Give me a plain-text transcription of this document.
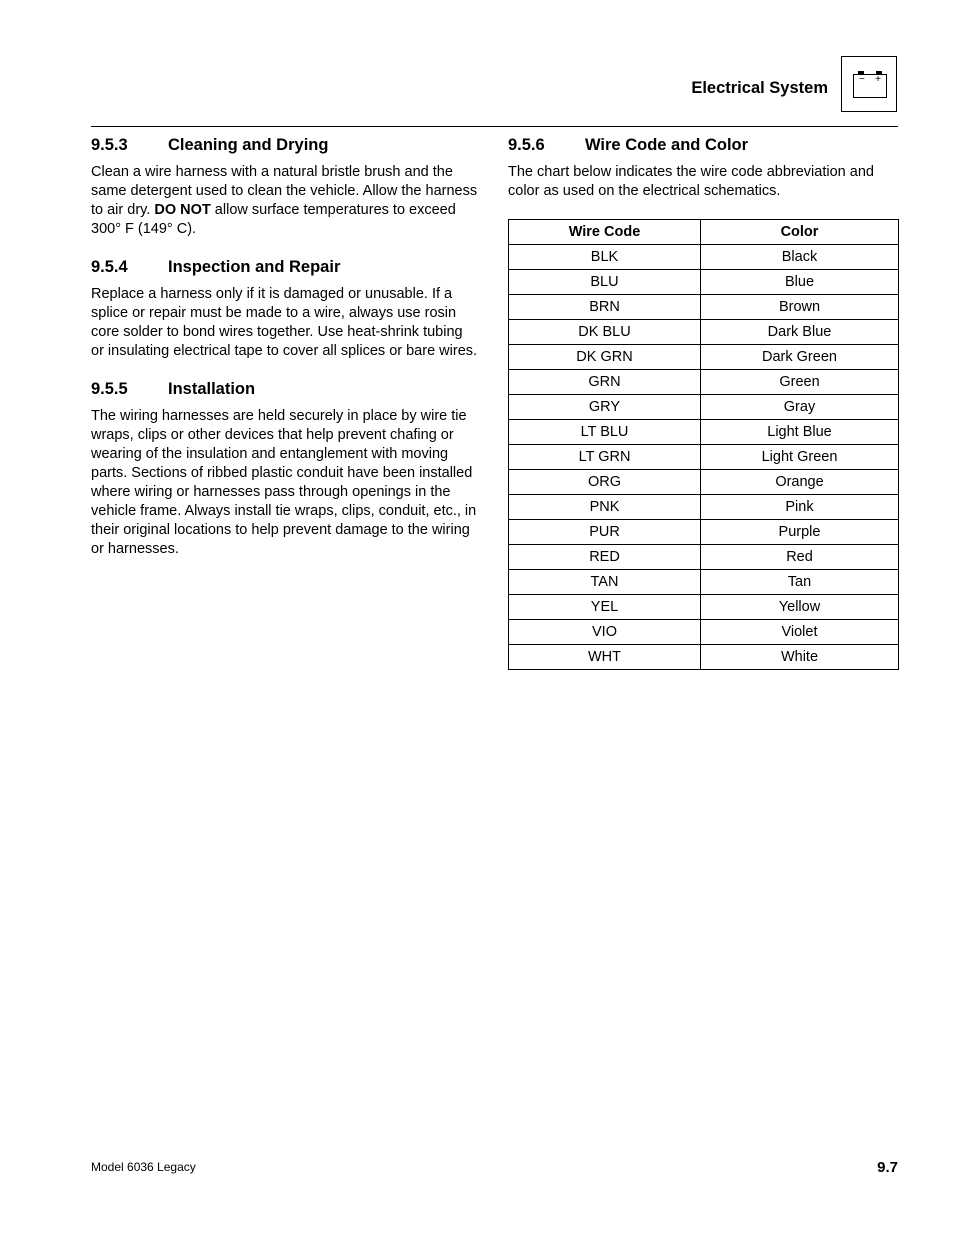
Electrical System	− +
9.5.3	Cleaning and Drying

Clean a wire harness with a natural bristle brush and the same detergent used to clean the vehicle. Allow the harness to air dry. DO NOT allow surface temperatures to exceed 300° F (149° C).

9.5.4	Inspection and Repair

Replace a harness only if it is damaged or unusable. If a splice or repair must be made to a wire, always use rosin core solder to bond wires together. Use heat-shrink tubing or insulating electrical tape to cover all splices or bare wires.

9.5.5	Installation

The wiring harnesses are held securely in place by wire tie wraps, clips or other devices that help prevent chafing or wearing of the insulation and entanglement with moving parts. Sections of ribbed plastic conduit have been installed where wiring or harnesses pass through openings in the vehicle frame. Always install tie wraps, clips, conduit, etc., in their original locations to help prevent damage to the wiring or harnesses.

9.5.6	Wire Code and Color

The chart below indicates the wire code abbreviation and color as used on the electrical schematics.

Wire Code	Color
BLK	Black
BLU	Blue
BRN	Brown
DK BLU	Dark Blue
DK GRN	Dark Green
GRN	Green
GRY	Gray
LT BLU	Light Blue
LT GRN	Light Green
ORG	Orange
PNK	Pink
PUR	Purple
RED	Red
TAN	Tan
YEL	Yellow
VIO	Violet
WHT	White
Model 6036 Legacy	9.7
